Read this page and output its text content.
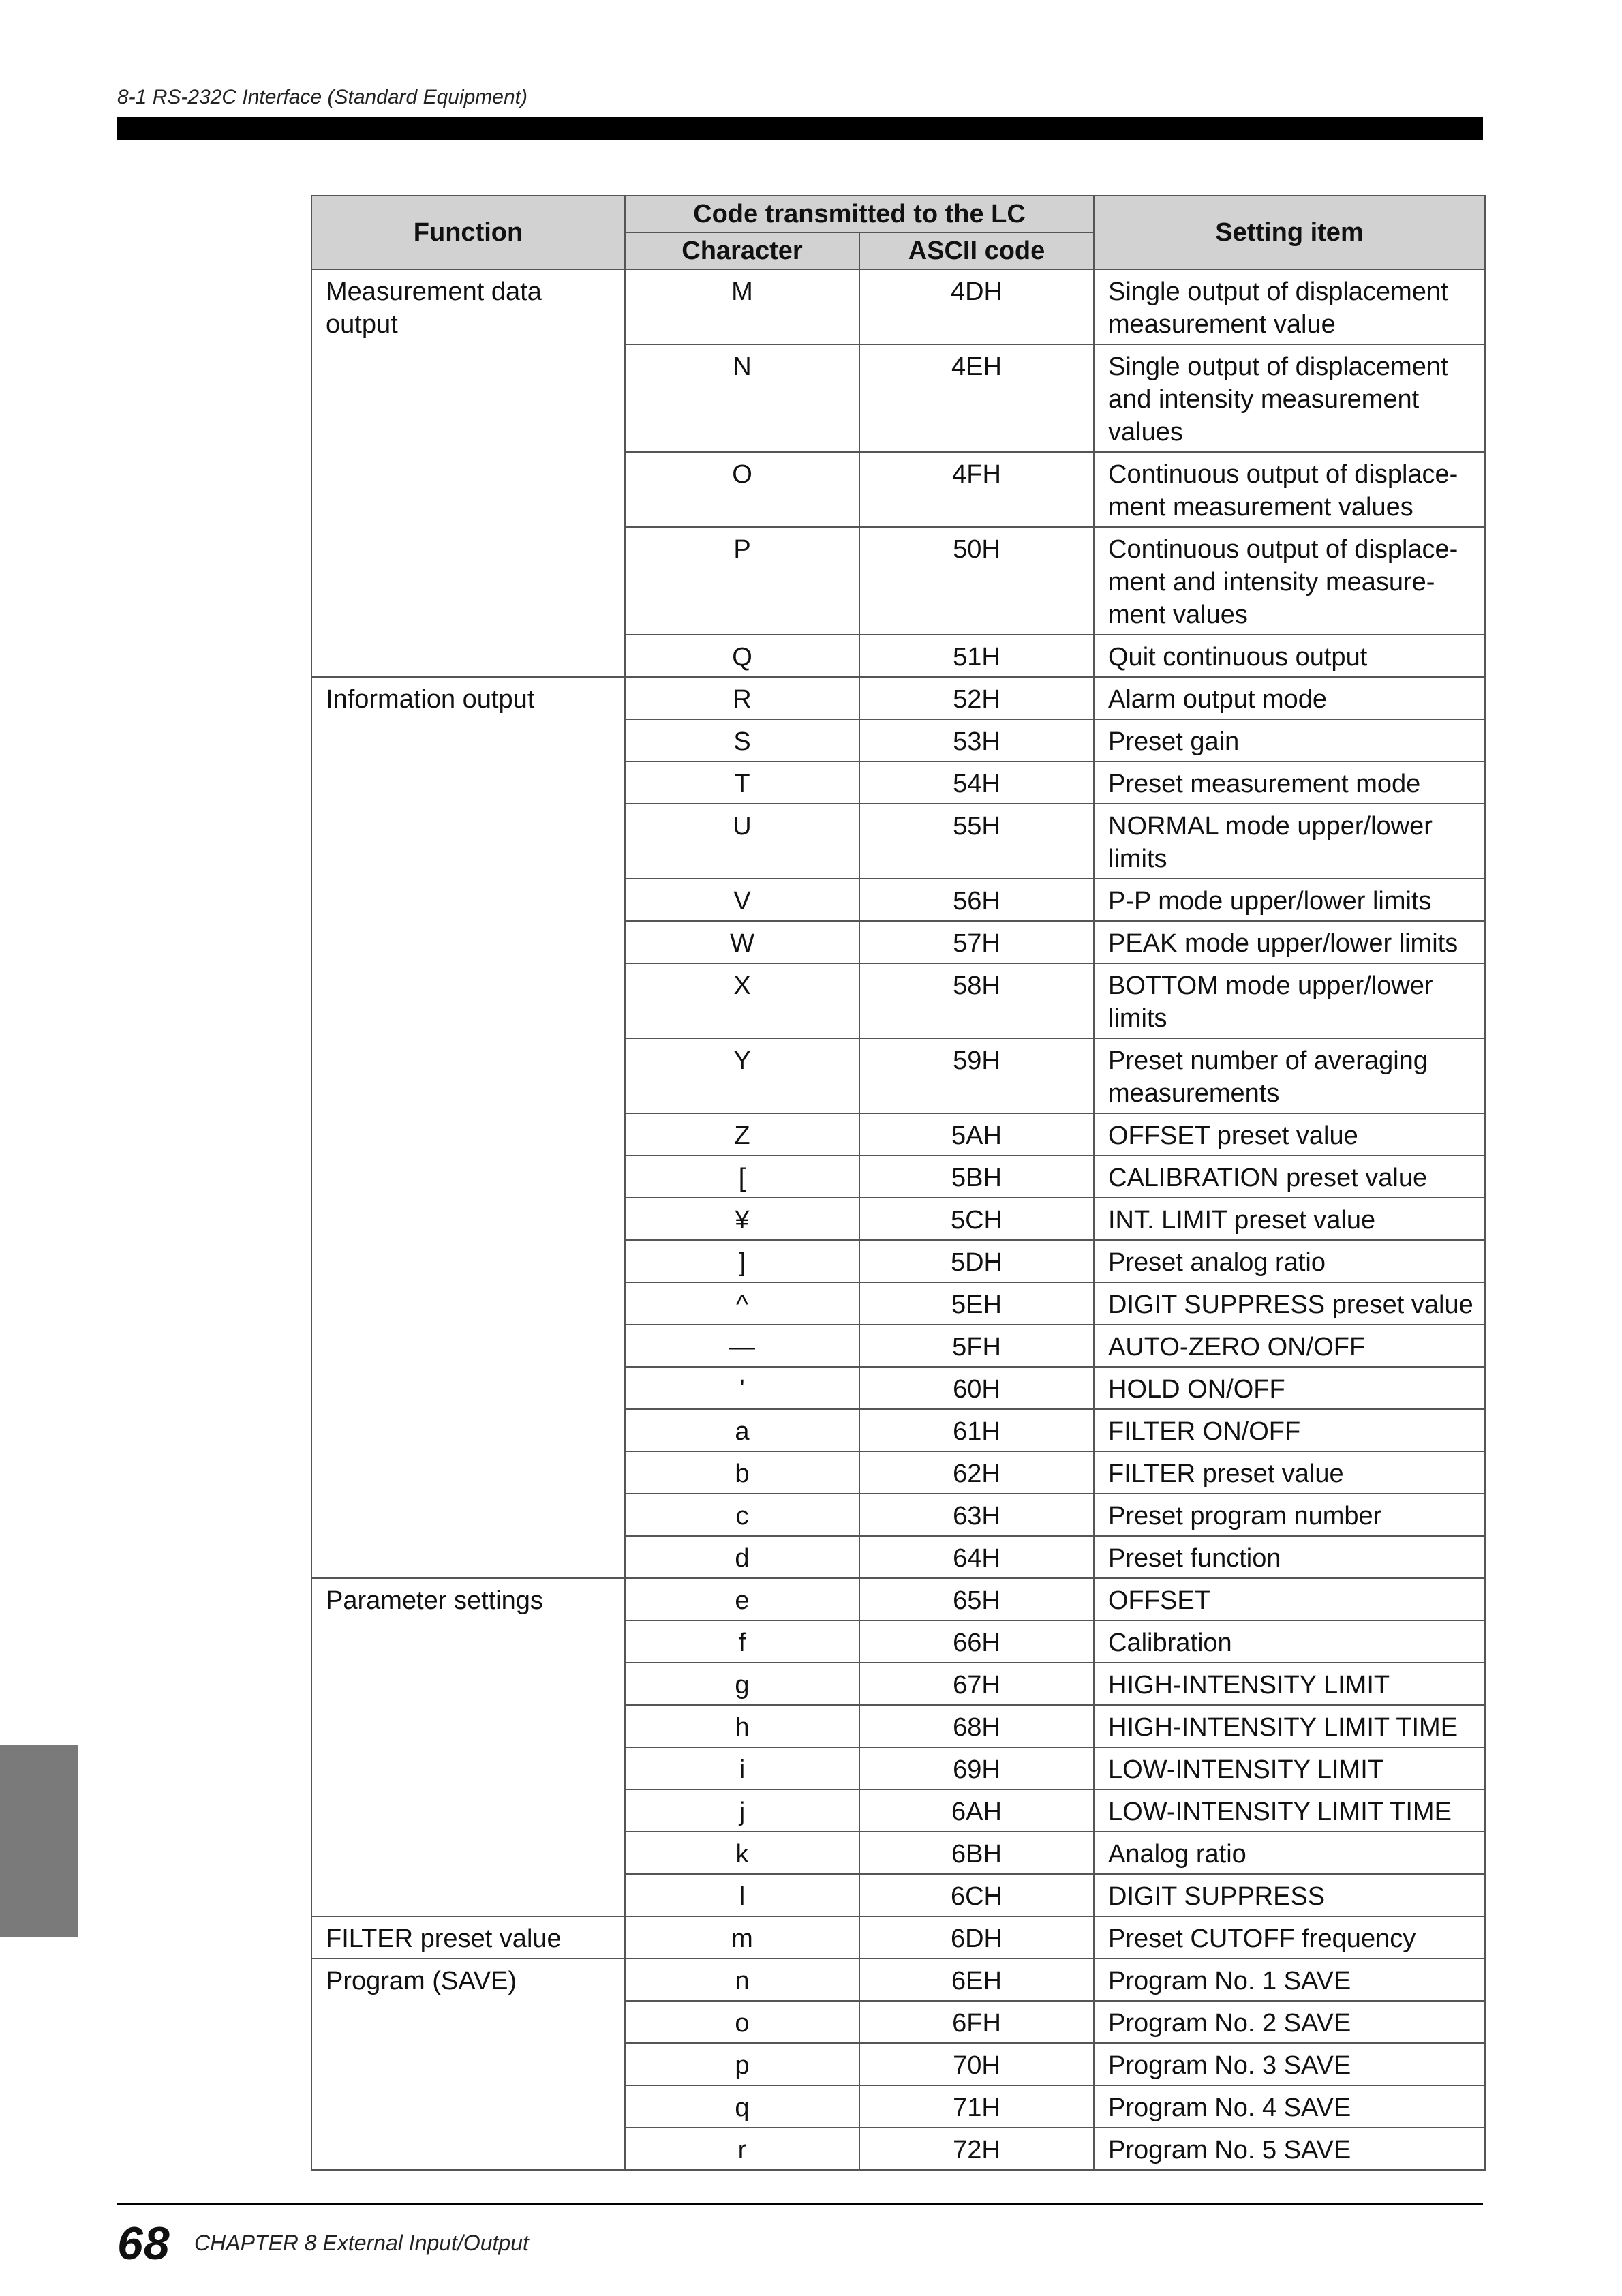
8-1 RS-232C Interface (Standard Equipment)
Function	Code transmitted to the LC		Setting item
	Character	ASCII code	
Measurement data output	M	4DH	Single output of displacement measurement value
	N	4EH	Single output of displacement and intensity measurement values
	O	4FH	Continuous output of displace-ment measurement values
	P	50H	Continuous output of displace-ment and intensity measure-ment values
	Q	51H	Quit continuous output
Information output	R	52H	Alarm output mode
	S	53H	Preset gain
	T	54H	Preset measurement mode
	U	55H	NORMAL mode upper/lower limits
	V	56H	P-P mode upper/lower limits
	W	57H	PEAK mode upper/lower limits
	X	58H	BOTTOM mode upper/lower limits
	Y	59H	Preset number of averaging measurements
	Z	5AH	OFFSET preset value
	[	5BH	CALIBRATION preset value
	¥	5CH	INT. LIMIT preset value
	]	5DH	Preset analog ratio
	^	5EH	DIGIT SUPPRESS preset value
	—	5FH	AUTO-ZERO ON/OFF
	'	60H	HOLD ON/OFF
	a	61H	FILTER ON/OFF
	b	62H	FILTER preset value
	c	63H	Preset program number
	d	64H	Preset function
Parameter settings	e	65H	OFFSET
	f	66H	Calibration
	g	67H	HIGH-INTENSITY LIMIT
	h	68H	HIGH-INTENSITY LIMIT TIME
	i	69H	LOW-INTENSITY LIMIT
	j	6AH	LOW-INTENSITY LIMIT TIME
	k	6BH	Analog ratio
	l	6CH	DIGIT SUPPRESS
FILTER preset value	m	6DH	Preset CUTOFF frequency
Program (SAVE)	n	6EH	Program No. 1 SAVE
	o	6FH	Program No. 2 SAVE
	p	70H	Program No. 3 SAVE
	q	71H	Program No. 4 SAVE
	r	72H	Program No. 5 SAVE
68 CHAPTER 8 External Input/Output
